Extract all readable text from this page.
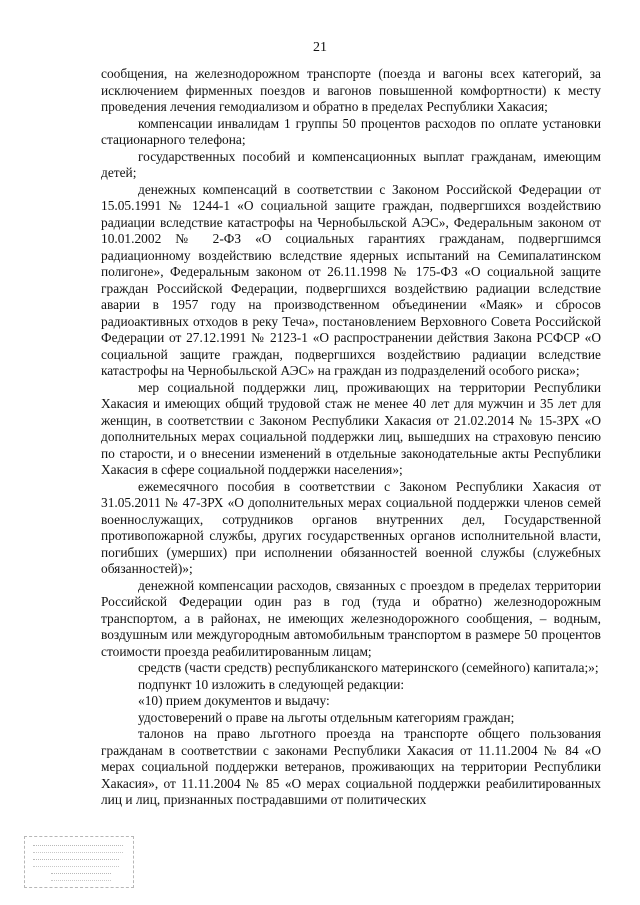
21

сообщения, на железнодорожном транспорте (поезда и вагоны всех категорий, за исключением фирменных поездов и вагонов повышенной комфортности) к месту проведения лечения гемодиализом и обратно в пределах Республики Хакасия;

компенсации инвалидам 1 группы 50 процентов расходов по оплате установки стационарного телефона;

государственных пособий и компенсационных выплат гражданам, имеющим детей;

денежных компенсаций в соответствии с Законом Российской Федерации от 15.05.1991 № 1244-1 «О социальной защите граждан, подвергшихся воздействию радиации вследствие катастрофы на Чернобыльской АЭС», Федеральным законом от 10.01.2002 № 2-ФЗ «О социальных гарантиях гражданам, подвергшимся радиационному воздействию вследствие ядерных испытаний на Семипалатинском полигоне», Федеральным законом от 26.11.1998 № 175-ФЗ «О социальной защите граждан Российской Федерации, подвергшихся воздействию радиации вследствие аварии в 1957 году на производственном объединении «Маяк» и сбросов радиоактивных отходов в реку Теча», постановлением Верховного Совета Российской Федерации от 27.12.1991 № 2123-1 «О распространении действия Закона РСФСР «О социальной защите граждан, подвергшихся воздействию радиации вследствие катастрофы на Чернобыльской АЭС» на граждан из подразделений особого риска»;

мер социальной поддержки лиц, проживающих на территории Республики Хакасия и имеющих общий трудовой стаж не менее 40 лет для мужчин и 35 лет для женщин, в соответствии с Законом Республики Хакасия от 21.02.2014 № 15-ЗРХ «О дополнительных мерах социальной поддержки лиц, вышедших на страховую пенсию по старости, и о внесении изменений в отдельные законодательные акты Республики Хакасия в сфере социальной поддержки населения»;

ежемесячного пособия в соответствии с Законом Республики Хакасия от 31.05.2011 № 47-ЗРХ «О дополнительных мерах социальной поддержки членов семей военнослужащих, сотрудников органов внутренних дел, Государственной противопожарной службы, других государственных органов исполнительной власти, погибших (умерших) при исполнении обязанностей военной службы (служебных обязанностей)»;

денежной компенсации расходов, связанных с проездом в пределах территории Российской Федерации один раз в год (туда и обратно) железнодорожным транспортом, а в районах, не имеющих железнодорожного сообщения, – водным, воздушным или междугородным автомобильным транспортом в размере 50 процентов стоимости проезда реабилитированным лицам;

средств (части средств) республиканского материнского (семейного) капитала;»;

подпункт 10 изложить в следующей редакции:

«10) прием документов и выдачу:

удостоверений о праве на льготы отдельным категориям граждан;

талонов на право льготного проезда на транспорте общего пользования гражданам в соответствии с законами Республики Хакасия от 11.11.2004 № 84 «О мерах социальной поддержки ветеранов, проживающих на территории Республики Хакасия», от 11.11.2004 № 85 «О мерах социальной поддержки реабилитированных лиц и лиц, признанных пострадавшими от политических
